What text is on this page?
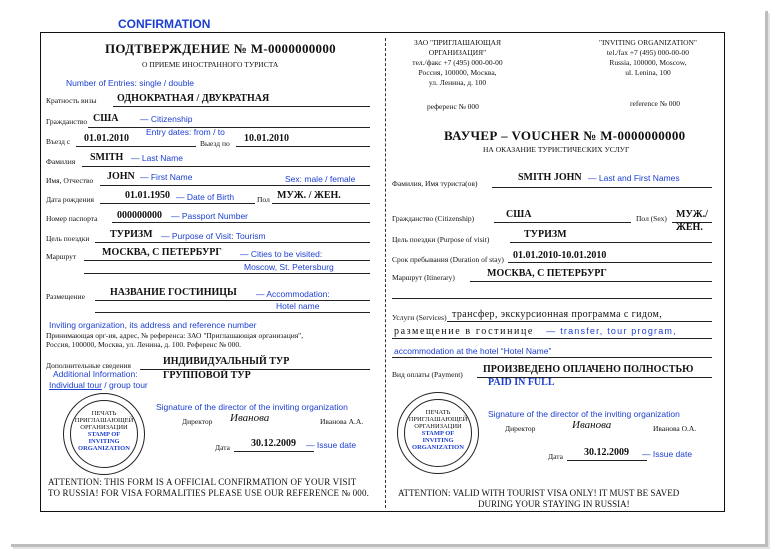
CONFIRMATION
ПОДТВЕРЖДЕНИЕ № М-0000000000
О ПРИЕМЕ ИНОСТРАННОГО ТУРИСТА
Number of Entries: single / double
Кратность визы ОДНОКРАТНАЯ / ДВУКРАТНАЯ
Гражданство США	— Citizenship
Entry dates: from / to
Въезд с 01.01.2010	Выезд по 10.01.2010
Фамилия SMITH — Last Name
Имя, Отчество JOHN — First Name	Sex: male / female
Дата рождения	01.01.1950 — Date of Birth	Пол МУЖ. / ЖЕН.
Номер паспорта 000000000 — Passport Number
Цель поездки ТУРИЗМ — Purpose of Visit: Tourism
Маршрут	МОСКВА, С ПЕТЕРБУРГ — Cities to be visited:
Moscow, St. Petersburg
Размещение	НАЗВАНИЕ ГОСТИНИЦЫ — Accommodation:
Hotel name
Inviting organization, its address and reference number
Принимающая орг-ия, адрес, № референса: ЗАО "Приглашающая организация",
Россия, 100000, Москва, ул. Ленина, д. 100. Референс № 000.
Дополнительные сведения	ИНДИВИДУАЛЬНЫЙ ТУР
Additional Information:
Individual tour / group tour
ГРУППОВОЙ ТУР
ПЕЧАТЬ
ПРИГЛАШАЮЩЕЙ
ОРГАНИЗАЦИИ
STAMP OF
INVITING
ORGANIZATION
Signature of the director of the inviting organization
Директор Иванова	Иванова А.А.
Дата 30.12.2009 — Issue date
ATTENTION: THIS FORM IS A OFFICIAL CONFIRMATION OF YOUR VISIT
TO RUSSIA! FOR VISA FORMALITIES PLEASE USE OUR REFERENCE № 000.
ЗАО "ПРИГЛАШАЮЩАЯ
ОРГАНИЗАЦИЯ"
тел./факс +7 (495) 000-00-00
Россия, 100000, Москва,
ул. Ленина, д. 100
"INVITING ORGANIZATION"
tel./fax +7 (495) 000-00-00
Russia, 100000, Moscow,
ul. Lenina, 100
референс № 000	reference № 000
ВАУЧЕР – VOUCHER № М-0000000000
НА ОКАЗАНИЕ ТУРИСТИЧЕСКИХ УСЛУГ
Фамилия, Имя туриста(ов)
SMITH JOHN — Last and First Names
Гражданство (Citizenship)	США	Пол (Sex) МУЖ./
ЖЕН.
Цель поездки (Purpose of visit)	ТУРИЗМ
Срок пребывания (Duration of stay) 01.01.2010-10.01.2010
Маршрут (Itinerary)	МОСКВА, С ПЕТЕРБУРГ
Услуги (Services) трансфер, экскурсионная программа с гидом,
размещение в гостинице — transfer, tour program,
accommodation at the hotel “Hotel Name”
Вид оплаты (Payment) ПРОИЗВЕДЕНО ОПЛАЧЕНО ПОЛНОСТЬЮ
PAID IN FULL
ПЕЧАТЬ
ПРИГЛАШАЮЩЕЙ
ОРГАНИЗАЦИИ
STAMP OF
INVITING
ORGANIZATION
Signature of the director of the inviting organization
Директор	Иванова	Иванова О.А.
Дата 30.12.2009 — Issue date
ATTENTION: VALID WITH TOURIST VISA ONLY! IT MUST BE SAVED
DURING YOUR STAYING IN RUSSIA!
